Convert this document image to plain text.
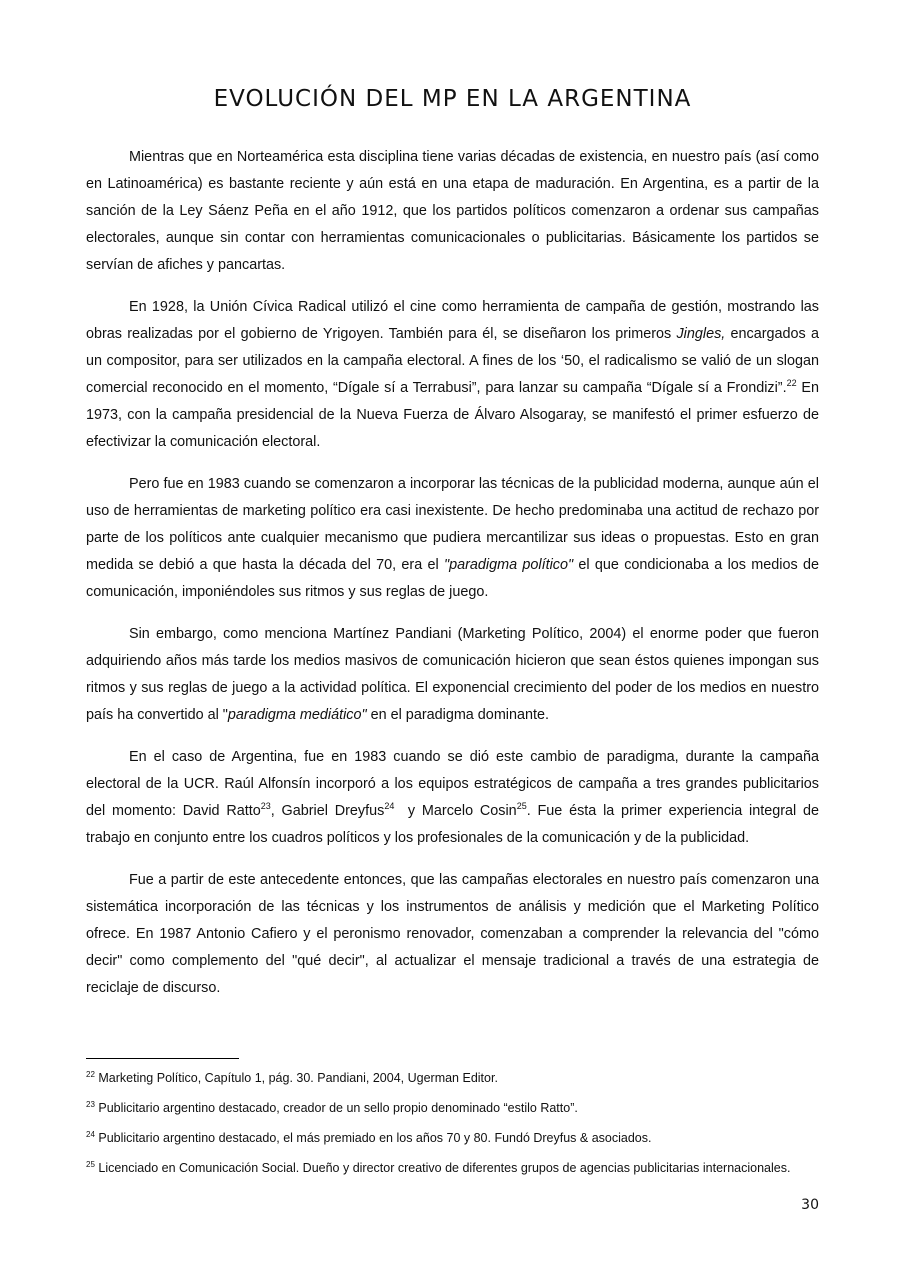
EVOLUCIÓN DEL MP EN LA ARGENTINA

Mientras que en Norteamérica esta disciplina tiene varias décadas de existencia, en nuestro país (así como en Latinoamérica) es bastante reciente y aún está en una etapa de maduración. En Argentina, es a partir de la sanción de la Ley Sáenz Peña en el año 1912, que los partidos políticos comenzaron a ordenar sus campañas electorales, aunque sin contar con herramientas comunicacionales o publicitarias. Básicamente los partidos se servían de afiches y pancartas.

En 1928, la Unión Cívica Radical utilizó el cine como herramienta de campaña de gestión, mostrando las obras realizadas por el gobierno de Yrigoyen. También para él, se diseñaron los primeros Jingles, encargados a un compositor, para ser utilizados en la campaña electoral. A fines de los ‘50, el radicalismo se valió de un slogan comercial reconocido en el momento, “Dígale sí a Terrabusi”, para lanzar su campaña “Dígale sí a Frondizi”.$^{22}$ En 1973, con la campaña presidencial de la Nueva Fuerza de Álvaro Alsogaray, se manifestó el primer esfuerzo de efectivizar la comunicación electoral.

Pero fue en 1983 cuando se comenzaron a incorporar las técnicas de la publicidad moderna, aunque aún el uso de herramientas de marketing político era casi inexistente. De hecho predominaba una actitud de rechazo por parte de los políticos ante cualquier mecanismo que pudiera mercantilizar sus ideas o propuestas. Esto en gran medida se debió a que hasta la década del 70, era el "paradigma político" el que condicionaba a los medios de comunicación, imponiéndoles sus ritmos y sus reglas de juego.

Sin embargo, como menciona Martínez Pandiani (Marketing Político, 2004) el enorme poder que fueron adquiriendo años más tarde los medios masivos de comunicación hicieron que sean éstos quienes impongan sus ritmos y sus reglas de juego a la actividad política. El exponencial crecimiento del poder de los medios en nuestro país ha convertido al "paradigma mediático" en el paradigma dominante.

En el caso de Argentina, fue en 1983 cuando se dió este cambio de paradigma, durante la campaña electoral de la UCR. Raúl Alfonsín incorporó a los equipos estratégicos de campaña a tres grandes publicitarios del momento: David Ratto$^{23}$, Gabriel Dreyfus$^{24}$  y Marcelo Cosin$^{25}$. Fue ésta la primer experiencia integral de trabajo en conjunto entre los cuadros políticos y los profesionales de la comunicación y de la publicidad.

Fue a partir de este antecedente entonces, que las campañas electorales en nuestro país comenzaron una sistemática incorporación de las técnicas y los instrumentos de análisis y medición que el Marketing Político ofrece. En 1987 Antonio Cafiero y el peronismo renovador, comenzaban a comprender la relevancia del "cómo decir" como complemento del "qué decir", al actualizar el mensaje tradicional a través de una estrategia de reciclaje de discurso.

$^{22}$ Marketing Político, Capítulo 1, pág. 30. Pandiani, 2004, Ugerman Editor.

$^{23}$ Publicitario argentino destacado, creador de un sello propio denominado “estilo Ratto”.

$^{24}$ Publicitario argentino destacado, el más premiado en los años 70 y 80. Fundó Dreyfus & asociados.

$^{25}$ Licenciado en Comunicación Social. Dueño y director creativo de diferentes grupos de agencias publicitarias internacionales.

30
